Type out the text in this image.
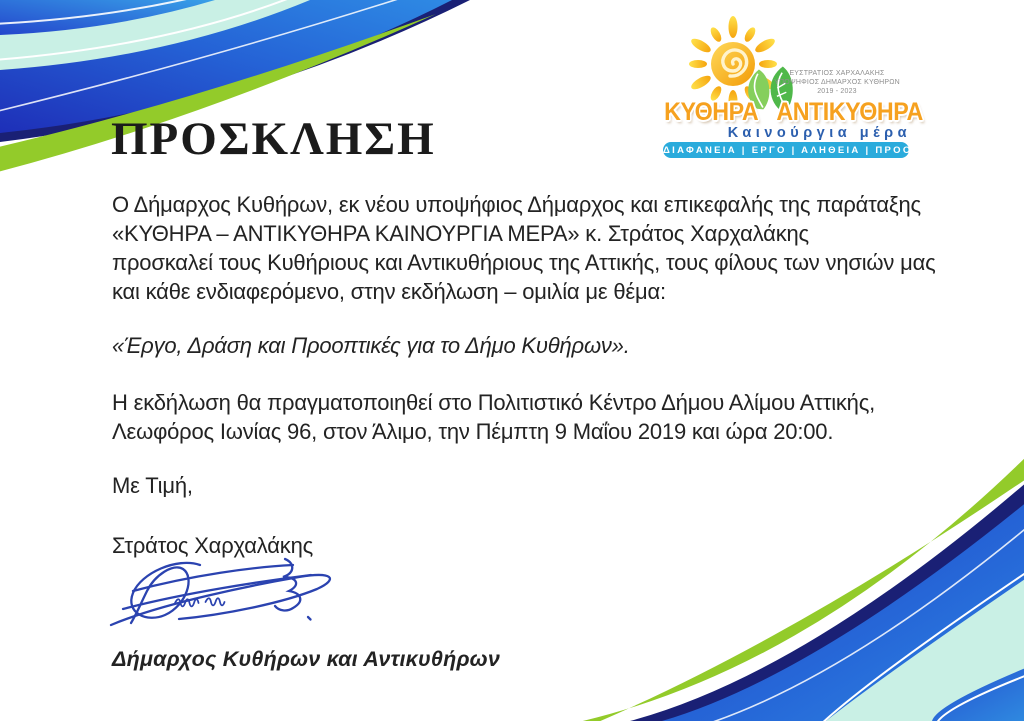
ΕΥΣΤΡΑΤΙΟΣ ΧΑΡΧΑΛΑΚΗΣ
ΥΠΟΨΗΦΙΟΣ ΔΗΜΑΡΧΟΣ ΚΥΘΗΡΩΝ
2019 - 2023
ΚΥΘΗΡΑ ΑΝΤΙΚΥΘΗΡΑ
Καινούργια μέρα
ΔΙΑΦΑΝΕΙΑ | ΕΡΓΟ | ΑΛΗΘΕΙΑ | ΠΡΟΟΠΤΙΚΗ
ΠΡΟΣΚΛΗΣΗ
Ο Δήμαρχος Κυθήρων, εκ νέου υποψήφιος Δήμαρχος και επικεφαλής της παράταξης
«ΚΥΘΗΡΑ – ΑΝΤΙΚΥΘΗΡΑ ΚΑΙΝΟΥΡΓΙΑ ΜΕΡΑ» κ. Στράτος Χαρχαλάκης
προσκαλεί τους Κυθήριους και Αντικυθήριους της Αττικής, τους φίλους των νησιών μας
και κάθε ενδιαφερόμενο, στην εκδήλωση – ομιλία με θέμα:
«Έργο, Δράση και Προοπτικές για το Δήμο Κυθήρων».
Η εκδήλωση θα πραγματοποιηθεί στο Πολιτιστικό Κέντρο Δήμου Αλίμου Αττικής,
Λεωφόρος Ιωνίας 96, στον Άλιμο, την Πέμπτη 9 Μαΐου 2019 και ώρα 20:00.
Με Τιμή,
Στράτος Χαρχαλάκης
Δήμαρχος Κυθήρων και Αντικυθήρων
